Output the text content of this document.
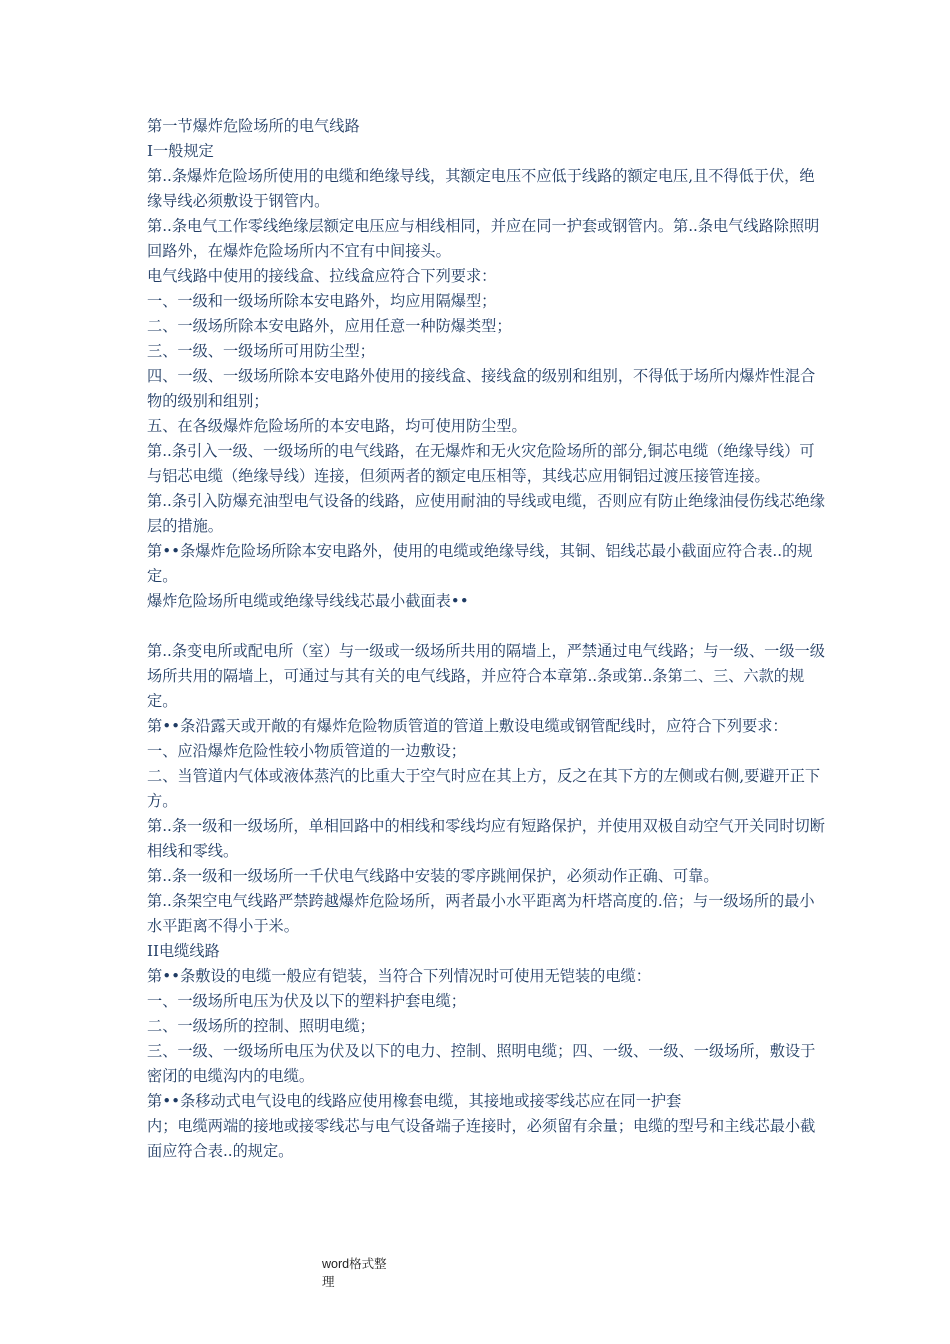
第一节爆炸危险场所的电气线路

I一般规定

第..条爆炸危险场所使用的电缆和绝缘导线，其额定电压不应低于线路的额定电压,且不得低于伏，绝缘导线必须敷设于钢管内。

第..条电气工作零线绝缘层额定电压应与相线相同，并应在同一护套或钢管内。第..条电气线路除照明回路外，在爆炸危险场所内不宜有中间接头。

电气线路中使用的接线盒、拉线盒应符合下列要求：

一、一级和一级场所除本安电路外，均应用隔爆型；

二、一级场所除本安电路外，应用任意一种防爆类型；

三、一级、一级场所可用防尘型；

四、一级、一级场所除本安电路外使用的接线盒、接线盒的级别和组别，不得低于场所内爆炸性混合物的级别和组别；

五、在各级爆炸危险场所的本安电路，均可使用防尘型。

第..条引入一级、一级场所的电气线路，在无爆炸和无火灾危险场所的部分,铜芯电缆（绝缘导线）可与铝芯电缆（绝缘导线）连接，但须两者的额定电压相等，其线芯应用铜铝过渡压接管连接。

第..条引入防爆充油型电气设备的线路，应使用耐油的导线或电缆，否则应有防止绝缘油侵伤线芯绝缘层的措施。

第••条爆炸危险场所除本安电路外，使用的电缆或绝缘导线，其铜、铝线芯最小截面应符合表..的规定。

爆炸危险场所电缆或绝缘导线线芯最小截面表••

第..条变电所或配电所（室）与一级或一级场所共用的隔墙上，严禁通过电气线路；与一级、一级一级场所共用的隔墙上，可通过与其有关的电气线路，并应符合本章第..条或第..条第二、三、六款的规定。

第••条沿露天或开敞的有爆炸危险物质管道的管道上敷设电缆或钢管配线时，应符合下列要求：

一、应沿爆炸危险性较小物质管道的一边敷设；

二、当管道内气体或液体蒸汽的比重大于空气时应在其上方，反之在其下方的左侧或右侧,要避开正下方。

第..条一级和一级场所，单相回路中的相线和零线均应有短路保护，并使用双极自动空气开关同时切断相线和零线。

第..条一级和一级场所一千伏电气线路中安装的零序跳闸保护，必须动作正确、可靠。

第..条架空电气线路严禁跨越爆炸危险场所，两者最小水平距离为杆塔高度的.倍；与一级场所的最小水平距离不得小于米。

II电缆线路

第••条敷设的电缆一般应有铠装，当符合下列情况时可使用无铠装的电缆：

一、一级场所电压为伏及以下的塑料护套电缆；

二、一级场所的控制、照明电缆；

三、一级、一级场所电压为伏及以下的电力、控制、照明电缆；四、一级、一级、一级场所，敷设于密闭的电缆沟内的电缆。

第••条移动式电气设电的线路应使用橡套电缆，其接地或接零线芯应在同一护套

内；电缆两端的接地或接零线芯与电气设备端子连接时，必须留有余量；电缆的型号和主线芯最小截面应符合表..的规定。

word格式整
理
